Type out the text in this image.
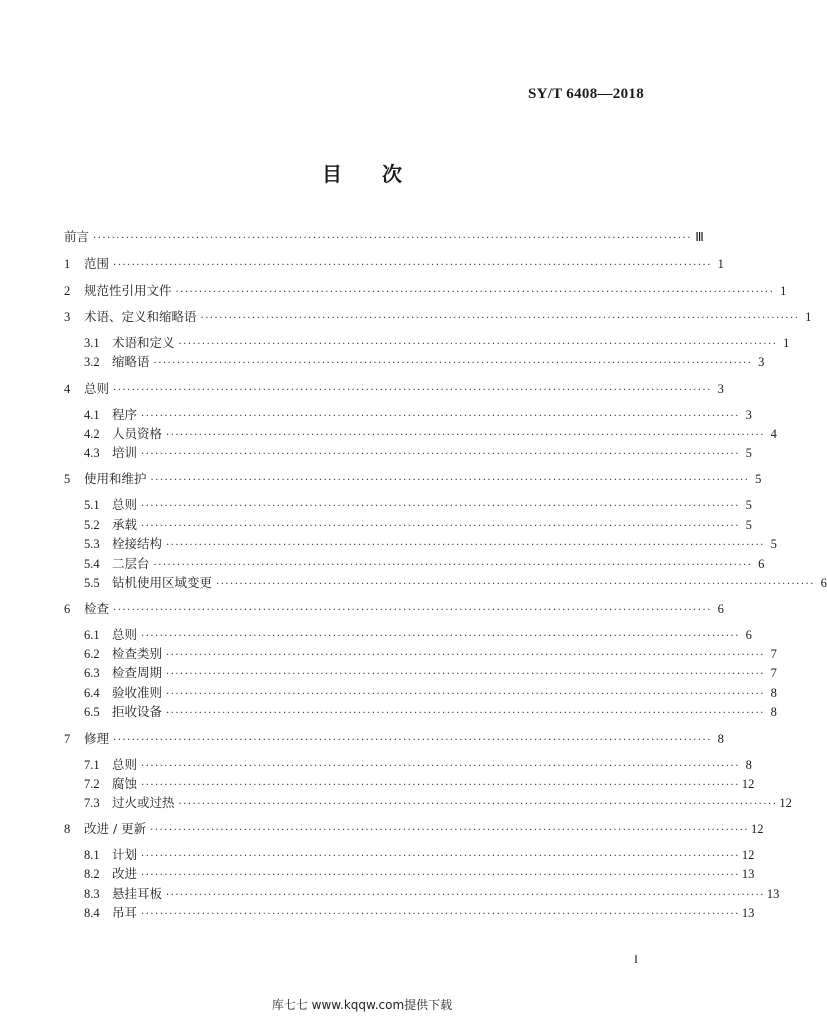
SY/T 6408—2018
目 次
前言 ································································································································ Ⅲ
1	范围 ································································································································ 1
2	规范性引用文件 ································································································································ 1
3	术语、定义和缩略语 ································································································································ 1
3.1 术语和定义 ································································································································ 1
3.2 缩略语 ································································································································ 3
4	总则 ································································································································ 3
4.1 程序 ································································································································ 3
4.2 人员资格 ································································································································ 4
4.3 培训 ································································································································ 5
5	使用和维护 ································································································································ 5
5.1 总则 ································································································································ 5
5.2 承载 ································································································································ 5
5.3 栓接结构 ································································································································ 5
5.4 二层台 ································································································································ 6
5.5 钻机使用区域变更 ································································································································ 6
6	检查 ································································································································ 6
6.1 总则 ································································································································ 6
6.2 检查类别 ································································································································ 7
6.3 检查周期 ································································································································ 7
6.4 验收准则 ································································································································ 8
6.5 拒收设备 ································································································································ 8
7	修理 ································································································································ 8
7.1 总则 ································································································································ 8
7.2 腐蚀 ································································································································ 12
7.3 过火或过热 ································································································································ 12
8	改进 / 更新 ································································································································ 12
8.1 计划 ································································································································ 12
8.2 改进 ································································································································ 13
8.3 悬挂耳板 ································································································································ 13
8.4 吊耳 ································································································································ 13
I
库七七 www.kqqw.com提供下载
